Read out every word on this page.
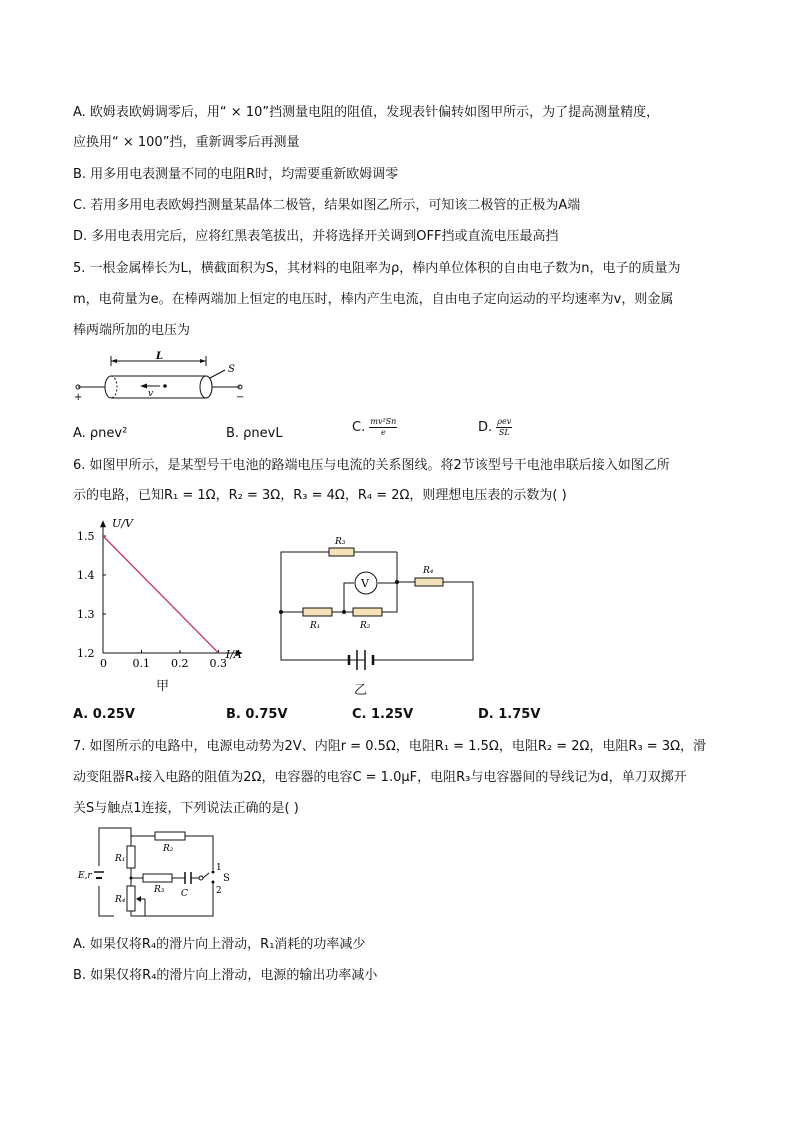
A. 欧姆表欧姆调零后，用“ × 10”挡测量电阻的阻值，发现表针偏转如图甲所示，为了提高测量精度，
应换用“ × 100”挡，重新调零后再测量
B. 用多用电表测量不同的电阻R时，均需要重新欧姆调零
C. 若用多用电表欧姆挡测量某晶体二极管，结果如图乙所示，可知该二极管的正极为A端
D. 多用电表用完后，应将红黑表笔拔出，并将选择开关调到OFF挡或直流电压最高挡
5. 一根金属棒长为L，横截面积为S，其材料的电阻率为ρ，棒内单位体积的自由电子数为n，电子的质量为
m，电荷量为e。在棒两端加上恒定的电压时，棒内产生电流，自由电子定向运动的平均速率为v，则金属
棒两端所加的电压为
L
S
v
+	−
A. ρnev²	B. ρnevL	C. $\frac{\text{mv²Sn}}{e}$	D. $\frac{\text{ρev}}{SL}$
6. 如图甲所示，是某型号干电池的路端电压与电流的关系图线。将2节该型号干电池串联后接入如图乙所
示的电路，已知R₁ = 1Ω，R₂ = 3Ω，R₃ = 4Ω，R₄ = 2Ω，则理想电压表的示数为( )
0 0.1 0.2 0.3
1.2
1.3
1.4
1.5
I/A
U/V
甲
V
R₃
R₁	R₂
R₄
乙
A. 0.25V	B. 0.75V	C. 1.25V	D. 1.75V
7. 如图所示的电路中，电源电动势为2V、内阻r = 0.5Ω，电阻R₁ = 1.5Ω，电阻R₂ = 2Ω，电阻R₃ = 3Ω，滑
动变阻器R₄接入电路的阻值为2Ω，电容器的电容C = 1.0μF，电阻R₃与电容器间的导线记为d，单刀双掷开
关S与触点1连接，下列说法正确的是( )
E,r
R₂
R₁
R₄
R₃ C
S
1
2
A. 如果仅将R₄的滑片向上滑动，R₁消耗的功率减少
B. 如果仅将R₄的滑片向上滑动，电源的输出功率减小
